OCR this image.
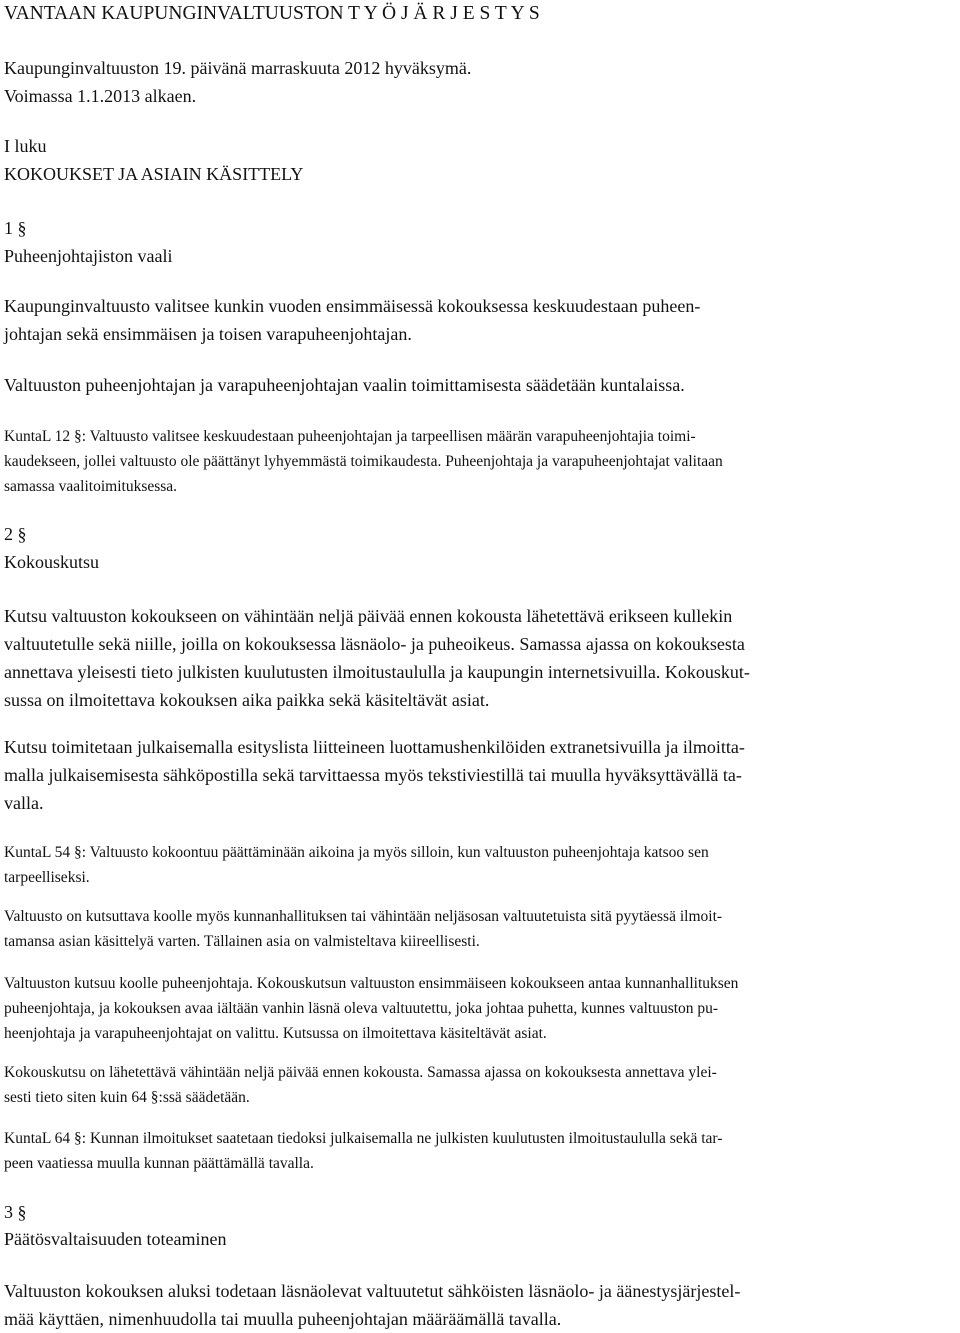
VANTAAN KAUPUNGINVALTUUSTON T Y Ö J Ä R J E S T Y S
Kaupunginvaltuuston 19. päivänä marraskuuta 2012 hyväksymä.
Voimassa 1.1.2013 alkaen.
I luku
KOKOUKSET JA ASIAIN KÄSITTELY
1 §
Puheenjohtajiston vaali

Kaupunginvaltuusto valitsee kunkin vuoden ensimmäisessä kokouksessa keskuudestaan puheen-
johtajan sekä ensimmäisen ja toisen varapuheenjohtajan.

Valtuuston puheenjohtajan ja varapuheenjohtajan vaalin toimittamisesta säädetään kuntalaissa.

KuntaL 12 §: Valtuusto valitsee keskuudestaan puheenjohtajan ja tarpeellisen määrän varapuheenjohtajia toimi-
kaudekseen, jollei valtuusto ole päättänyt lyhyemmästä toimikaudesta. Puheenjohtaja ja varapuheenjohtajat valitaan
samassa vaalitoimituksessa.

2 §
Kokouskutsu

Kutsu valtuuston kokoukseen on vähintään neljä päivää ennen kokousta lähetettävä erikseen kullekin
valtuutetulle sekä niille, joilla on kokouksessa läsnäolo- ja puheoikeus. Samassa ajassa on kokouksesta
annettava yleisesti tieto julkisten kuulutusten ilmoitustaululla ja kaupungin internetsivuilla. Kokouskut-
sussa on ilmoitettava kokouksen aika paikka sekä käsiteltävät asiat.

Kutsu toimitetaan julkaisemalla esityslista liitteineen luottamushenkilöiden extranetsivuilla ja ilmoitta-
malla julkaisemisesta sähköpostilla sekä tarvittaessa myös tekstiviestillä tai muulla hyväksyttävällä ta-
valla.

KuntaL 54 §: Valtuusto kokoontuu päättäminään aikoina ja myös silloin, kun valtuuston puheenjohtaja katsoo sen
tarpeelliseksi.

Valtuusto on kutsuttava koolle myös kunnanhallituksen tai vähintään neljäsosan valtuutetuista sitä pyytäessä ilmoit-
tamansa asian käsittelyä varten. Tällainen asia on valmisteltava kiireellisesti.

Valtuuston kutsuu koolle puheenjohtaja. Kokouskutsun valtuuston ensimmäiseen kokoukseen antaa kunnanhallituksen
puheenjohtaja, ja kokouksen avaa iältään vanhin läsnä oleva valtuutettu, joka johtaa puhetta, kunnes valtuuston pu-
heenjohtaja ja varapuheenjohtajat on valittu. Kutsussa on ilmoitettava käsiteltävät asiat.

Kokouskutsu on lähetettävä vähintään neljä päivää ennen kokousta. Samassa ajassa on kokouksesta annettava ylei-
sesti tieto siten kuin 64 §:ssä säädetään.

KuntaL 64 §: Kunnan ilmoitukset saatetaan tiedoksi julkaisemalla ne julkisten kuulutusten ilmoitustaululla sekä tar-
peen vaatiessa muulla kunnan päättämällä tavalla.

3 §
Päätösvaltaisuuden toteaminen

Valtuuston kokouksen aluksi todetaan läsnäolevat valtuutetut sähköisten läsnäolo- ja äänestysjärjestel-
mää käyttäen, nimenhuudolla tai muulla puheenjohtajan määräämällä tavalla.
